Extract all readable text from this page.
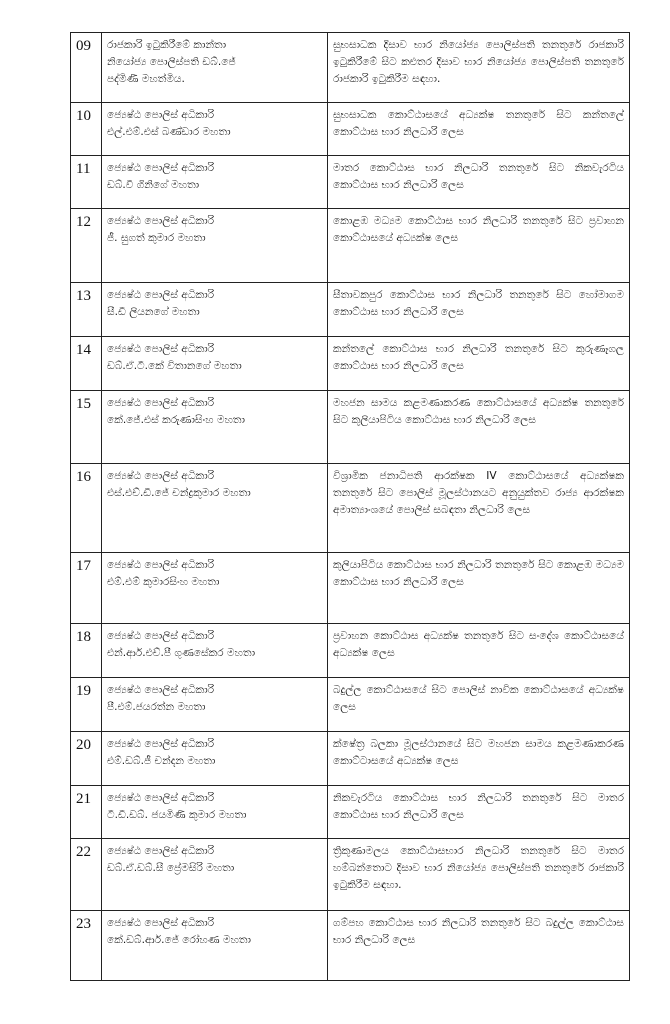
09	රාජකාරි ඉටුකිරීමේ කාන්තා
නියෝජ්‍ය පොලිස්පති ඩබ්.ජේ
පද්මිණී මහත්මිය.	සුභසාධක දිසාව භාර නියෝජ්‍ය පොලිස්පති තනතුරේ රාජකාරි ඉටුකිරීමේ සිට කළුතර දිසාව භාර නියෝජ්‍ය පොලිස්පති තනතුරේ රාජකාරි ඉටුකිරීම සඳහා.
10	ජ්‍යෙෂ්ඨ පොලිස් අධිකාරි
එල්.එම්.එස් බණ්ඩාර මහතා	සුභසාධක කොට්ඨාසයේ අධ්‍යක්ෂ තනතුරේ සිට කන්තලේ කොට්ඨාස භාර නිලධාරි ලෙස
11	ජ්‍යෙෂ්ඨ පොලිස් අධිකාරි
ඩබ්.වී ගිනිගේ මහතා	මාතර කොට්ඨාස භාර නිලධාරි තනතුරේ සිට නිකවැරටිය කොට්ඨාස භාර නිලධාරි ලෙස
12	ජ්‍යෙෂ්ඨ පොලිස් අධිකාරි
ජී. සුගත් කුමාර මහතා	කොළඹ මධ්‍යම කොට්ඨාස භාර නිලධාරි තනතුරේ සිට ප්‍රවාහන කොට්ඨාසයේ අධ්‍යක්ෂ ලෙස
13	ජ්‍යෙෂ්ඨ පොලිස් අධිකාරි
සී.ඩී ලියනගේ මහතා	සීතාවකපුර කොට්ඨාස භාර නිලධාරි තනතුරේ සිට හෝමාගම කොට්ඨාස භාර නිලධාරි ලෙස
14	ජ්‍යෙෂ්ඨ පොලිස් අධිකාරි
ඩබ්.ඒ.ටී.කේ විතානගේ මහතා	කන්තලේ කොට්ඨාස භාර නිලධාරි තනතුරේ සිට කුරුණෑගල කොට්ඨාස භාර නිලධාරි ලෙස
15	ජ්‍යෙෂ්ඨ පොලිස් අධිකාරි
කේ.ජේ.එස් කරුණාසිංහ මහතා	මහජන සාමය කළමණාකරණ කොට්ඨාසයේ අධ්‍යක්ෂ තනතුරේ සිට කුලියාපිටිය කොට්ඨාස භාර නිලධාරි ලෙස
16	ජ්‍යෙෂ්ඨ පොලිස් අධිකාරි
එස්.එච්.ඩී.ජේ චන්ද්‍රකුමාර මහතා	විශ්‍රාමික ජනාධිපති ආරක්ෂක IV කොට්ඨාසයේ අධ්‍යක්ෂක තනතුරේ සිට පොලිස් මූලස්ථානයට අනුයුක්තව රාජ්‍ය ආරක්ෂක අමාත්‍යාංශයේ පොලිස් සබඳතා නිලධාරි ලෙස
17	ජ්‍යෙෂ්ඨ පොලිස් අධිකාරි
එම්.එම් කුමාරසිංහ මහතා	කුලියාපිටිය කොට්ඨාස භාර නිලධාරි තනතුරේ සිට කොළඹ මධ්‍යම කොට්ඨාස භාර නිලධාරි ලෙස
18	ජ්‍යෙෂ්ඨ පොලිස් අධිකාරි
එන්.ආර්.එච්.පී ගුණසේකර මහතා	ප්‍රවාහන කොට්ඨාස අධ්‍යක්ෂ තනතුරේ සිට සංදේශ කොට්ඨාසයේ අධ්‍යක්ෂ ලෙස
19	ජ්‍යෙෂ්ඨ පොලිස් අධිකාරි
පී.එම්.ජයරත්න මහතා	බදුල්ල කොට්ඨාසයේ සිට පොලිස් නාවික කොට්ඨාසයේ අධ්‍යක්ෂ ලෙස
20	ජ්‍යෙෂ්ඨ පොලිස් අධිකාරි
එම්.ඩබ්.ජී චන්දන මහතා	ක්ෂේත්‍ර බලකා මූලස්ථානයේ සිට මහජන සාමය කළමණාකරණ කොට්ටාසයේ අධ්‍යක්ෂ ලෙස
21	ජ්‍යෙෂ්ඨ පොලිස් අධිකාරි
ටී.ඩී.ඩබ්. ජයමිණි කුමාර මහතා	නිකවැරටිය කොට්ඨාස භාර නිලධාරි තනතුරේ සිට මාතර කොට්ඨාස භාර නිලධාරි ලෙස
22	ජ්‍යෙෂ්ඨ පොලිස් අධිකාරි
ඩබ්.ඒ.ඩබ්.සී ප්‍රේමසිරි මහතා	ත්‍රිකුණාමලය කොට්ඨාසභාර නිලධාරි තනතුරේ සිට මාතර හම්බන්තොට දිසාව භාර නියෝජ්‍ය පොලිස්පති තනතුරේ රාජකාරි ඉටුකිරීම සඳහා.
23	ජ්‍යෙෂ්ඨ පොලිස් අධිකාරි
කේ.ඩබ්.ආර්.ජේ රෝහණ මහතා	ගම්පහ කොට්ඨාස භාර නිලධාරි තනතුරේ සිට බදුල්ල කොට්ඨාස භාර නිලධාරි ලෙස
